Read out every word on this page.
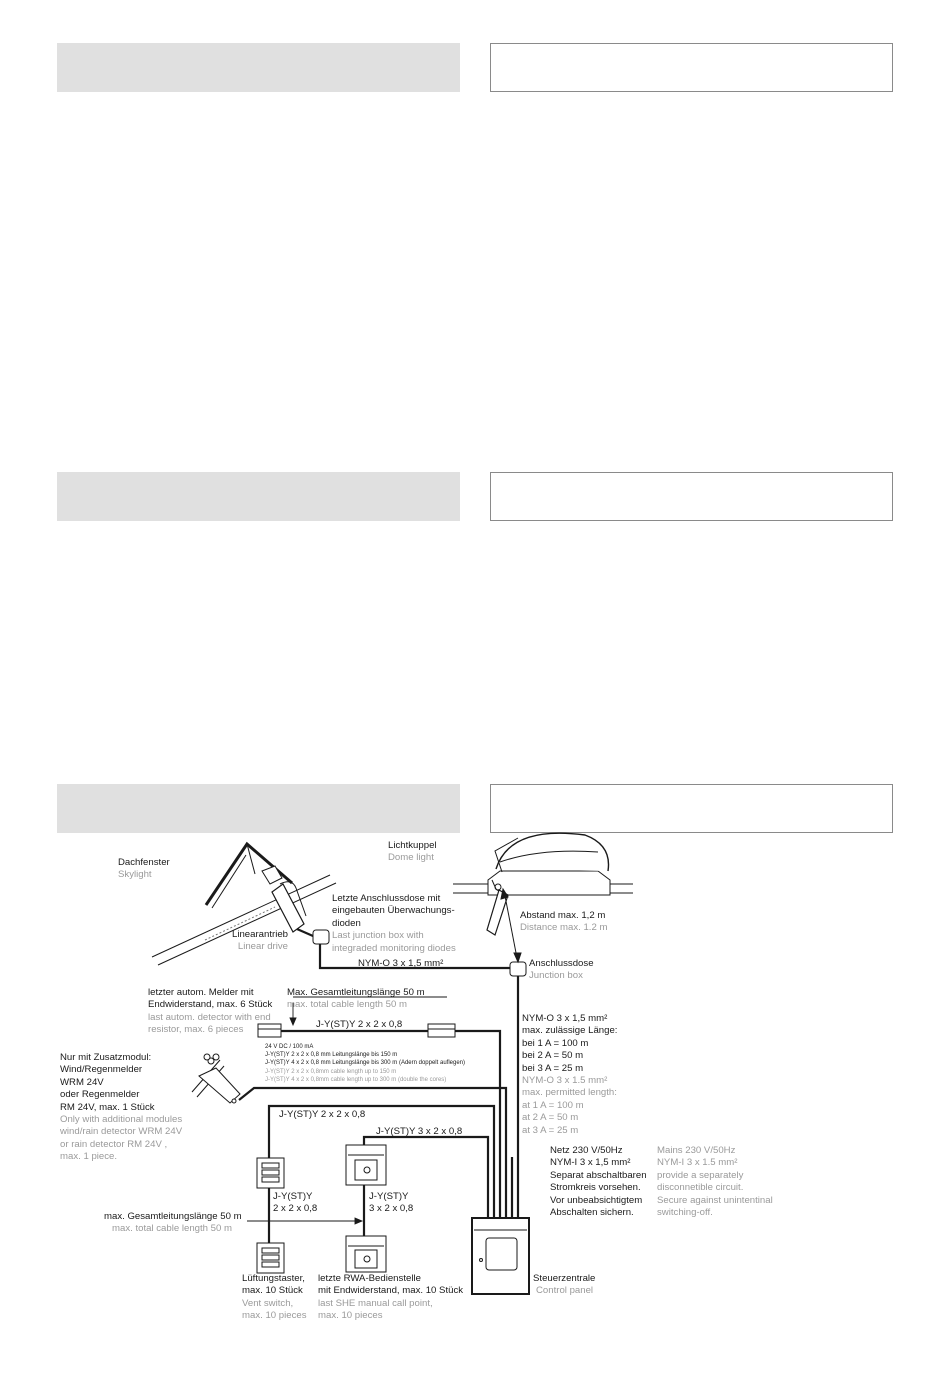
Dachfenster
Skylight
Lichtkuppel
Dome light
Linearantrieb
Linear drive
Letzte Anschlussdose mit
eingebauten Überwachungs-
dioden
Last junction box with
integraded monitoring diodes
Abstand max. 1,2 m
Distance max. 1.2 m
NYM-O 3 x 1,5 mm²	Anschlussdose
Junction box
letzter autom. Melder mit
Endwiderstand, max. 6 Stück
last autom. detector with end
resistor, max. 6 pieces
Max. Gesamtleitungslänge 50 m
max. total cable length 50 m
J-Y(ST)Y 2 x 2 x 0,8
24 V DC / 100 mA
J-Y(ST)Y 2 x 2 x 0,8 mm Leitungslänge bis 150 m
J-Y(ST)Y 4 x 2 x 0,8 mm Leitungslänge bis 300 m (Adern doppelt auflegen)
J-Y(ST)Y 2 x 2 x 0,8mm cable length up to 150 m
J-Y(ST)Y 4 x 2 x 0,8mm cable length up to 300 m (double the cores)
NYM-O 3 x 1,5 mm²
max. zulässige Länge:
bei 1 A = 100 m
bei 2 A = 50 m
bei 3 A = 25 m
NYM-O 3 x 1.5 mm²
max. permitted length:
at 1 A = 100 m
at 2 A = 50 m
at 3 A = 25 m
Nur mit Zusatzmodul:
Wind/Regenmelder
WRM 24V
oder Regenmelder
RM 24V, max. 1 Stück
Only with additional modules
wind/rain detector WRM 24V
or rain detector RM 24V ,
max. 1 piece.
J-Y(ST)Y 2 x 2 x 0,8
J-Y(ST)Y 3 x 2 x 0,8
J-Y(ST)Y
2 x 2 x 0,8
J-Y(ST)Y
3 x 2 x 0,8
max. Gesamtleitungslänge 50 m
max. total cable length 50 m
Netz 230 V/50Hz
NYM-I 3 x 1,5 mm²
Separat abschaltbaren
Stromkreis vorsehen.
Vor unbeabsichtigtem
Abschalten sichern.
Mains 230 V/50Hz
NYM-I 3 x 1.5 mm²
provide a separately
disconnetible circuit.
Secure against unintentinal
switching-off.
Lüftungstaster,
max. 10 Stück
Vent switch,
max. 10 pieces
letzte RWA-Bedienstelle
mit Endwiderstand, max. 10 Stück
last SHE manual call point,
max. 10 pieces
Steuerzentrale
Control panel
